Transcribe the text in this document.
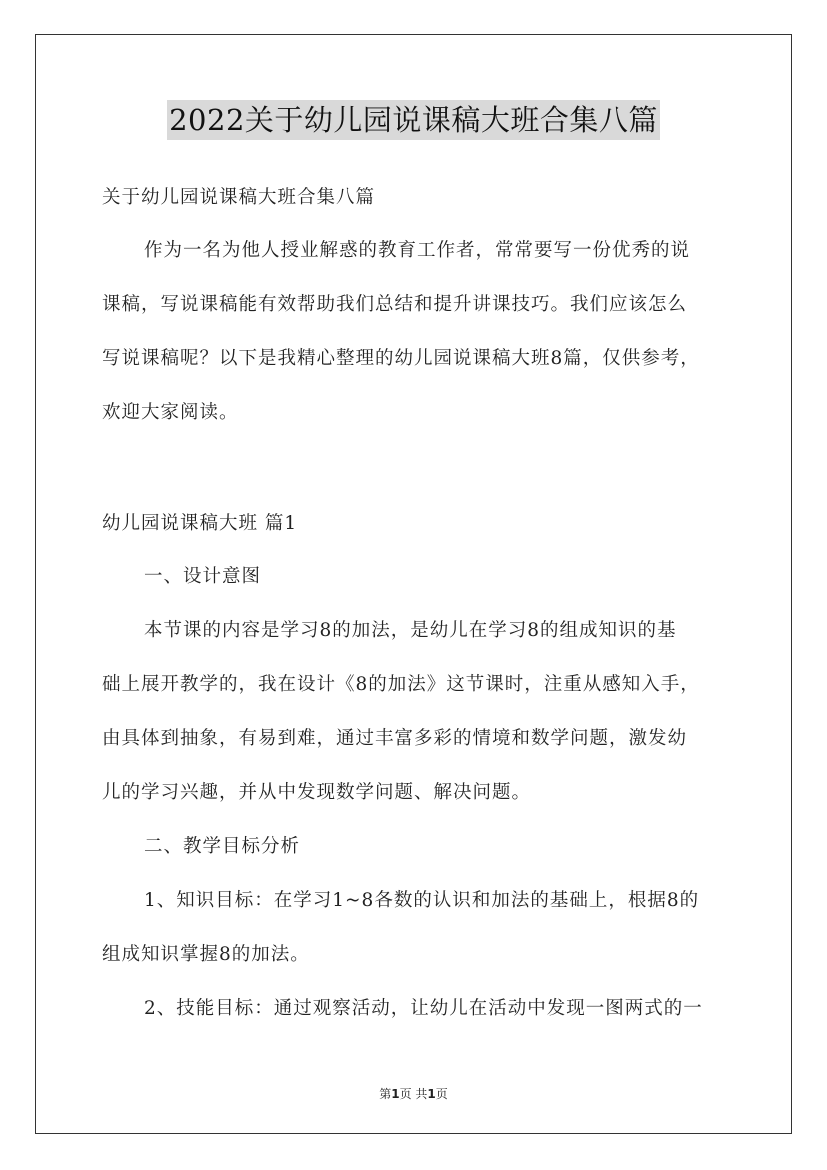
2022关于幼儿园说课稿大班合集八篇
关于幼儿园说课稿大班合集八篇
作为一名为他人授业解惑的教育工作者，常常要写一份优秀的说
课稿，写说课稿能有效帮助我们总结和提升讲课技巧。我们应该怎么
写说课稿呢？以下是我精心整理的幼儿园说课稿大班8篇，仅供参考，
欢迎大家阅读。
幼儿园说课稿大班 篇1
一、设计意图
本节课的内容是学习8的加法，是幼儿在学习8的组成知识的基
础上展开教学的，我在设计《8的加法》这节课时，注重从感知入手，
由具体到抽象，有易到难，通过丰富多彩的情境和数学问题，激发幼
儿的学习兴趣，并从中发现数学问题、解决问题。
二、教学目标分析
1、知识目标：在学习1~8各数的认识和加法的基础上，根据8的
组成知识掌握8的加法。
2、技能目标：通过观察活动，让幼儿在活动中发现一图两式的一
第1页 共1页
